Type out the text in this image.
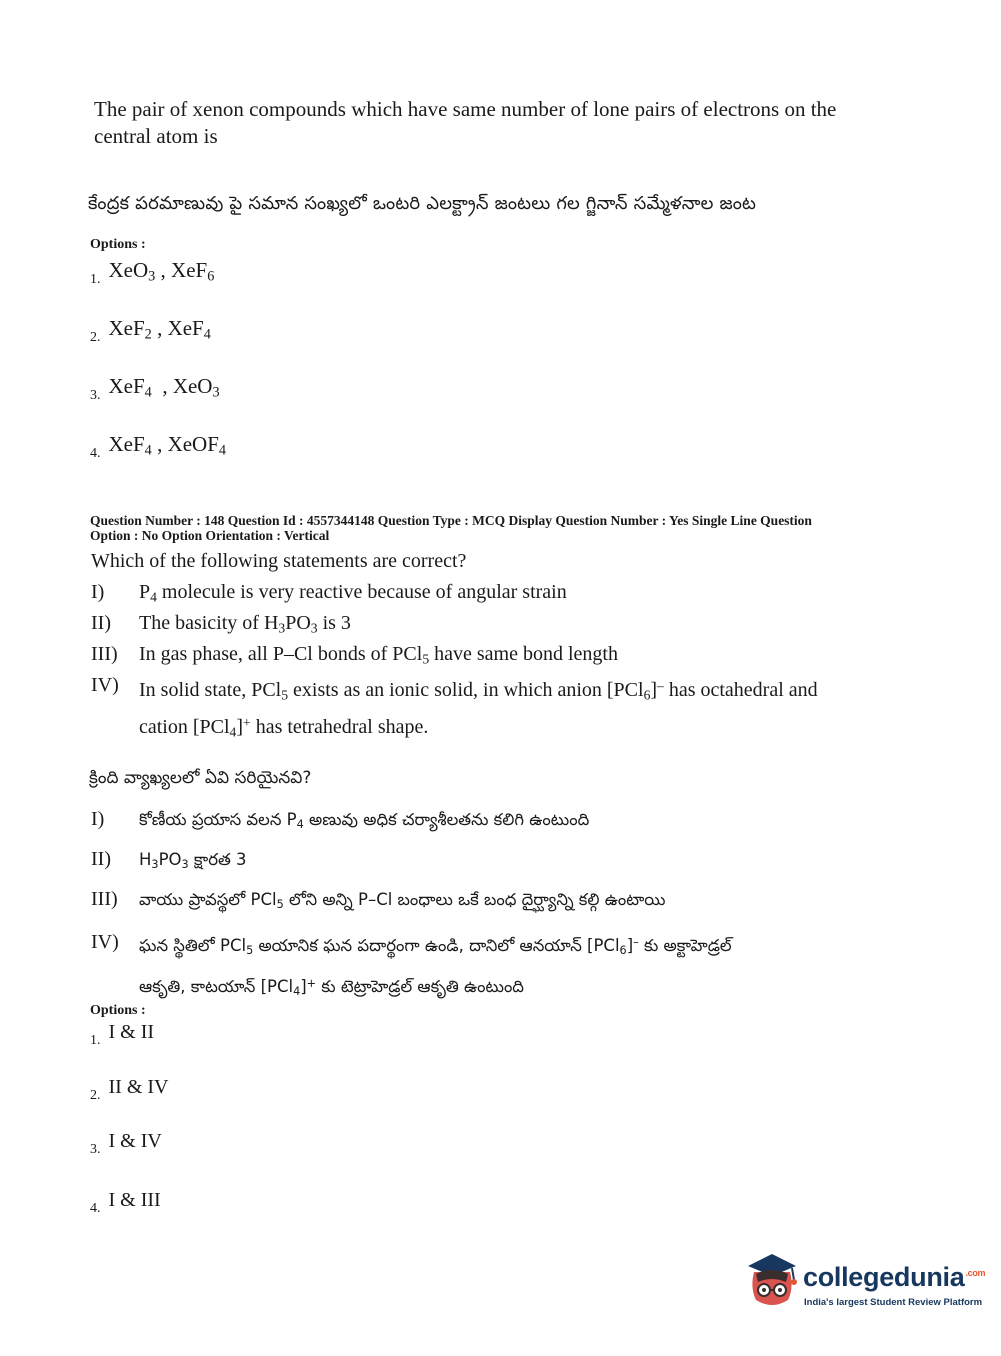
The pair of xenon compounds which have same number of lone pairs of electrons on the central atom is
కేంద్రక పరమాణువు పై సమాన సంఖ్యలో ఒంటరి ఎలక్ట్రాన్ జంటలు గల గ్జినాన్ సమ్మేళనాల జంట
Options :
1. XeO$_3$ , XeF$_6$
2. XeF$_2$ , XeF$_4$
3. XeF$_4$  , XeO$_3$
4. XeF$_4$ , XeOF$_4$
Question Number : 148 Question Id : 4557344148 Question Type : MCQ Display Question Number : Yes Single Line Question
Option : No Option Orientation : Vertical
Which of the following statements are correct?
I)	$P_4$ molecule is very reactive because of angular strain
II)	The basicity of $H_3PO_3$ is 3
III)	In gas phase, all P–Cl bonds of PCl$_5$ have same bond length
IV)	In solid state, PCl$_5$ exists as an ionic solid, in which anion [PCl$_6$]– has octahedral and
cation [PCl$_4$]+ has tetrahedral shape.
క్రింది వ్యాఖ్యలలో ఏవి సరియైనవి?
I)	కోణీయ ప్రయాస వలన $P_4$ అణువు అధిక చర్యాశీలతను కలిగి ఉంటుంది
II)	$H_3PO_3$ క్షారత 3
III)	వాయు ప్రావస్థలో PCl$_5$ లోని అన్ని P–Cl బంధాలు ఒకే బంధ దైర్ఘ్యాన్ని కల్గి ఉంటాయి
IV)	ఘన స్థితిలో PCl$_5$ అయానిక ఘన పదార్థంగా ఉండి, దానిలో ఆనయాన్ [PCl$_6$]– కు అక్టాహెడ్రల్
ఆకృతి, కాటయాన్ [PCl$_4$]+ కు టెట్రాహెడ్రల్ ఆకృతి ఉంటుంది
Options :
1. I & II
2. II & IV
3. I & IV
4. I & III
collegedunia$^{.com}$
India's largest Student Review Platform
